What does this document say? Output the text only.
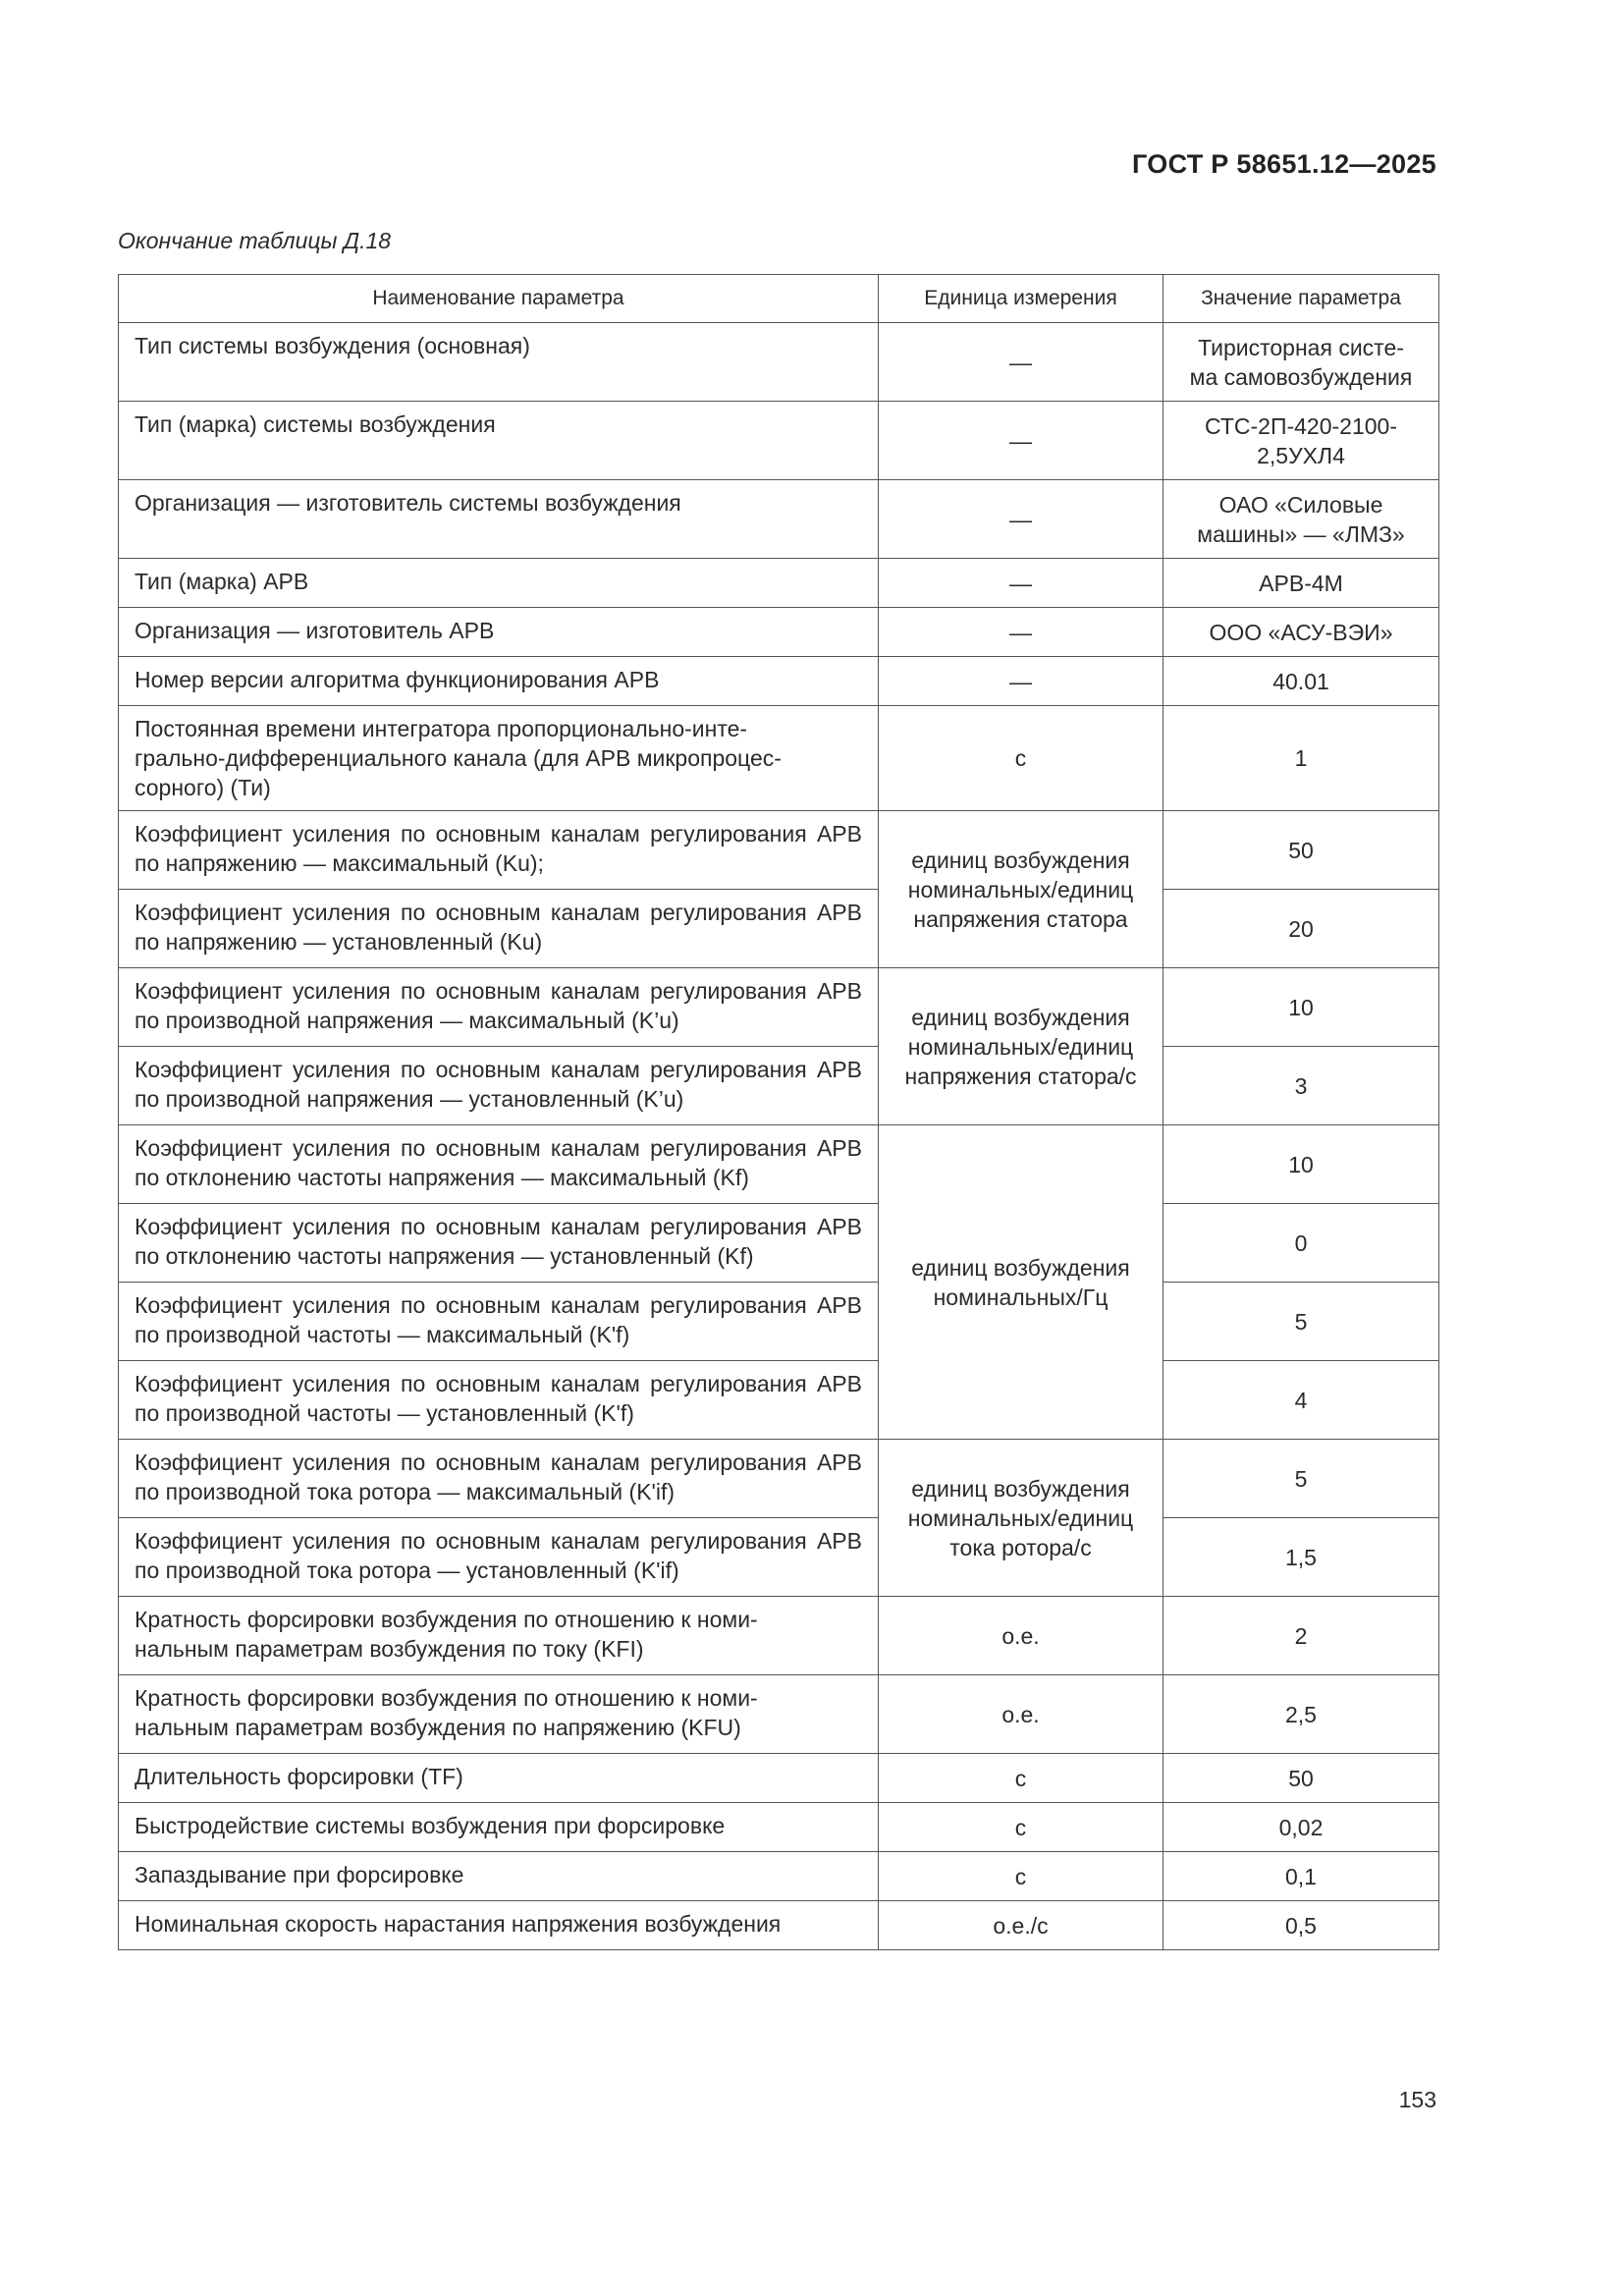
ГОСТ Р 58651.12—2025
Окончание таблицы Д.18
Наименование параметра	Единица измерения	Значение параметра
Тип системы возбуждения (основная)	—	Тиристорная систе-
ма самовозбуждения
Тип (марка) системы возбуждения	—	СТС-2П-420-2100-
2,5УХЛ4
Организация — изготовитель системы возбуждения	—	ОАО «Силовые
машины» — «ЛМЗ»
Тип (марка) АРВ	—	АРВ-4М
Организация — изготовитель АРВ	—	ООО «АСУ-ВЭИ»
Номер версии алгоритма функционирования АРВ	—	40.01
Постоянная времени интегратора пропорционально-инте-
грально-дифференциального канала (для АРВ микропроцес-
сорного) (Ти)	с	1
Коэффициент усиления по основным каналам регулирования АРВ по напряжению — максимальный (Ku);	единиц возбуждения
номинальных/единиц
напряжения статора	50
Коэффициент усиления по основным каналам регулирования АРВ по напряжению — установленный (Ku)		20
Коэффициент усиления по основным каналам регулирования АРВ по производной напряжения — максимальный (K’u)	единиц возбуждения
номинальных/единиц
напряжения статора/с	10
Коэффициент усиления по основным каналам регулирования АРВ по производной напряжения — установленный (K’u)		3
Коэффициент усиления по основным каналам регулирования АРВ по отклонению частоты напряжения — максимальный (Kf)	единиц возбуждения
номинальных/Гц	10
Коэффициент усиления по основным каналам регулирования АРВ по отклонению частоты напряжения — установленный (Kf)		0
Коэффициент усиления по основным каналам регулирования АРВ по производной частоты — максимальный (K'f)		5
Коэффициент усиления по основным каналам регулирования АРВ по производной частоты — установленный (K'f)		4
Коэффициент усиления по основным каналам регулирования АРВ по производной тока ротора — максимальный (K'if)	единиц возбуждения
номинальных/единиц
тока ротора/с	5
Коэффициент усиления по основным каналам регулирования АРВ по производной тока ротора — установленный (K'if)		1,5
Кратность форсировки возбуждения по отношению к номи-
нальным параметрам возбуждения по току (KFI)	о.е.	2
Кратность форсировки возбуждения по отношению к номи-
нальным параметрам возбуждения по напряжению (KFU)	о.е.	2,5
Длительность форсировки (TF)	с	50
Быстродействие системы возбуждения при форсировке	с	0,02
Запаздывание при форсировке	с	0,1
Номинальная скорость нарастания напряжения возбуждения	о.е./с	0,5
153
